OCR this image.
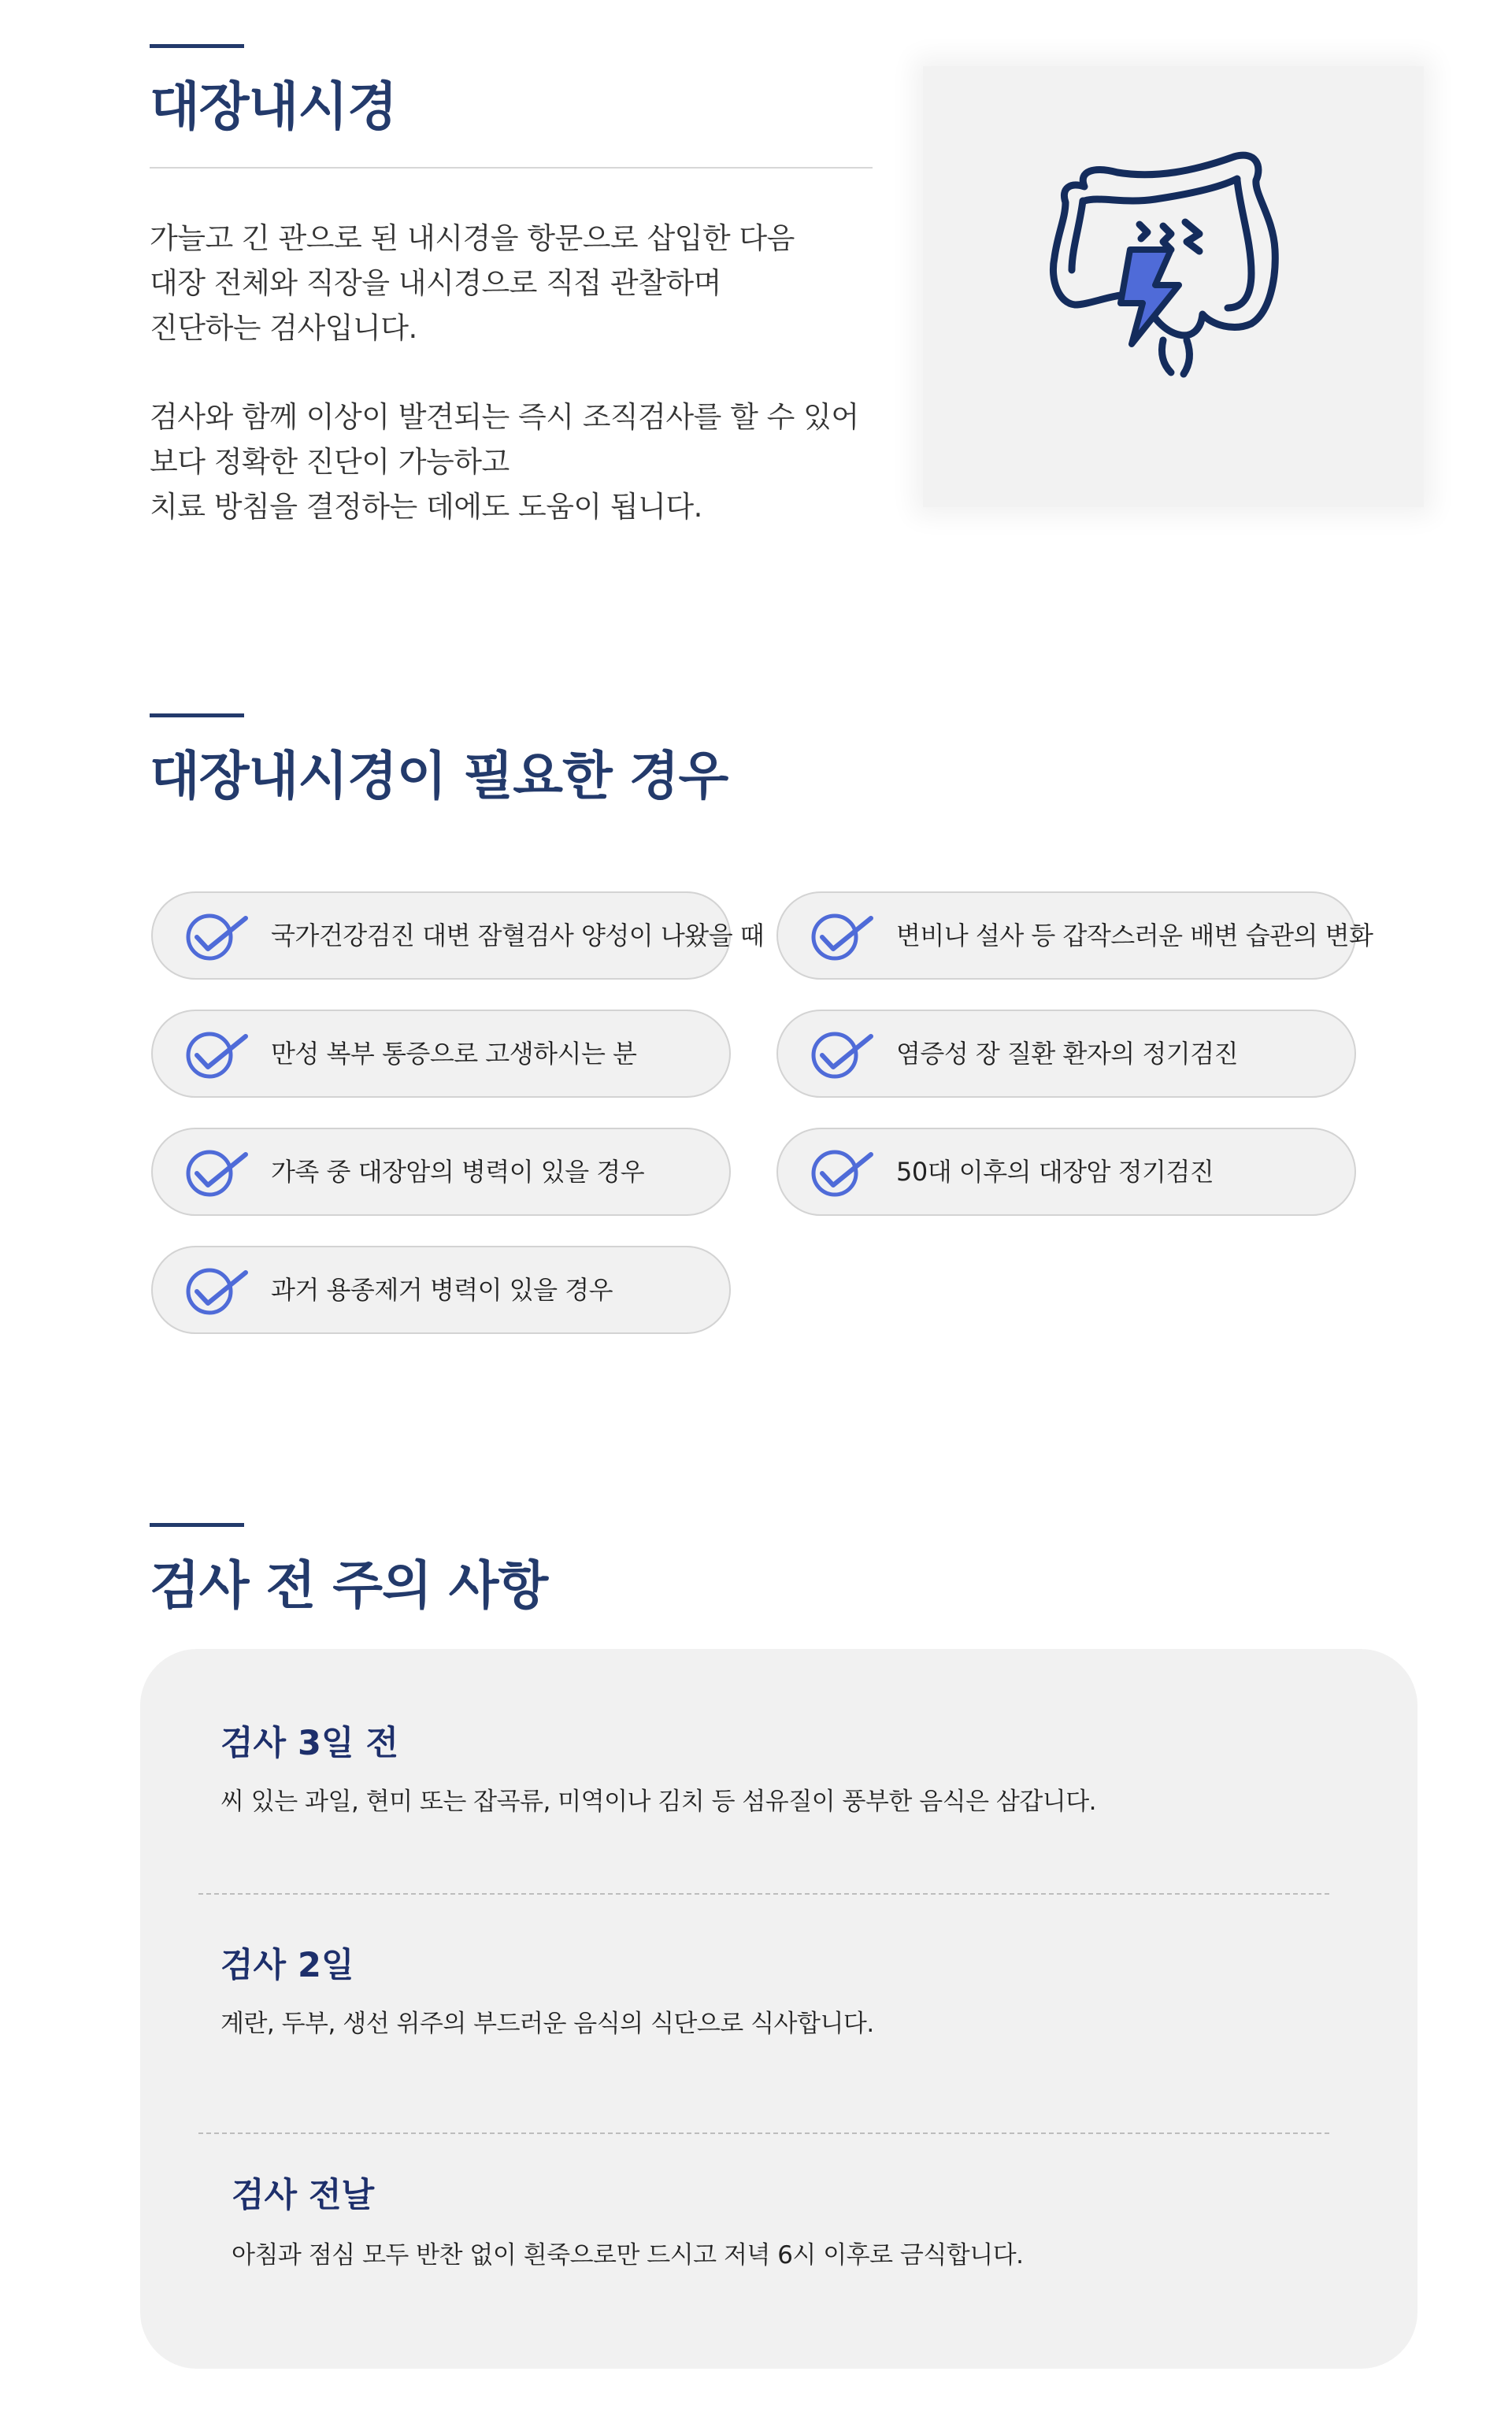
대장내시경

가늘고 긴 관으로 된 내시경을 항문으로 삽입한 다음

대장 전체와 직장을 내시경으로 직접 관찰하며

진단하는 검사입니다.

검사와 함께 이상이 발견되는 즉시 조직검사를 할 수 있어

보다 정확한 진단이 가능하고

치료 방침을 결정하는 데에도 도움이 됩니다.

대장내시경이 필요한 경우
국가건강검진 대변 잠혈검사 양성이 나왔을 때	변비나 설사 등 갑작스러운 배변 습관의 변화
만성 복부 통증으로 고생하시는 분	염증성 장 질환 환자의 정기검진
가족 중 대장암의 병력이 있을 경우	50대 이후의 대장암 정기검진
과거 용종제거 병력이 있을 경우
검사 전 주의 사항
검사 3일 전

씨 있는 과일, 현미 또는 잡곡류, 미역이나 김치 등 섬유질이 풍부한 음식은 삼갑니다.

검사 2일

계란, 두부, 생선 위주의 부드러운 음식의 식단으로 식사합니다.

검사 전날

아침과 점심 모두 반찬 없이 흰죽으로만 드시고 저녁 6시 이후로 금식합니다.
